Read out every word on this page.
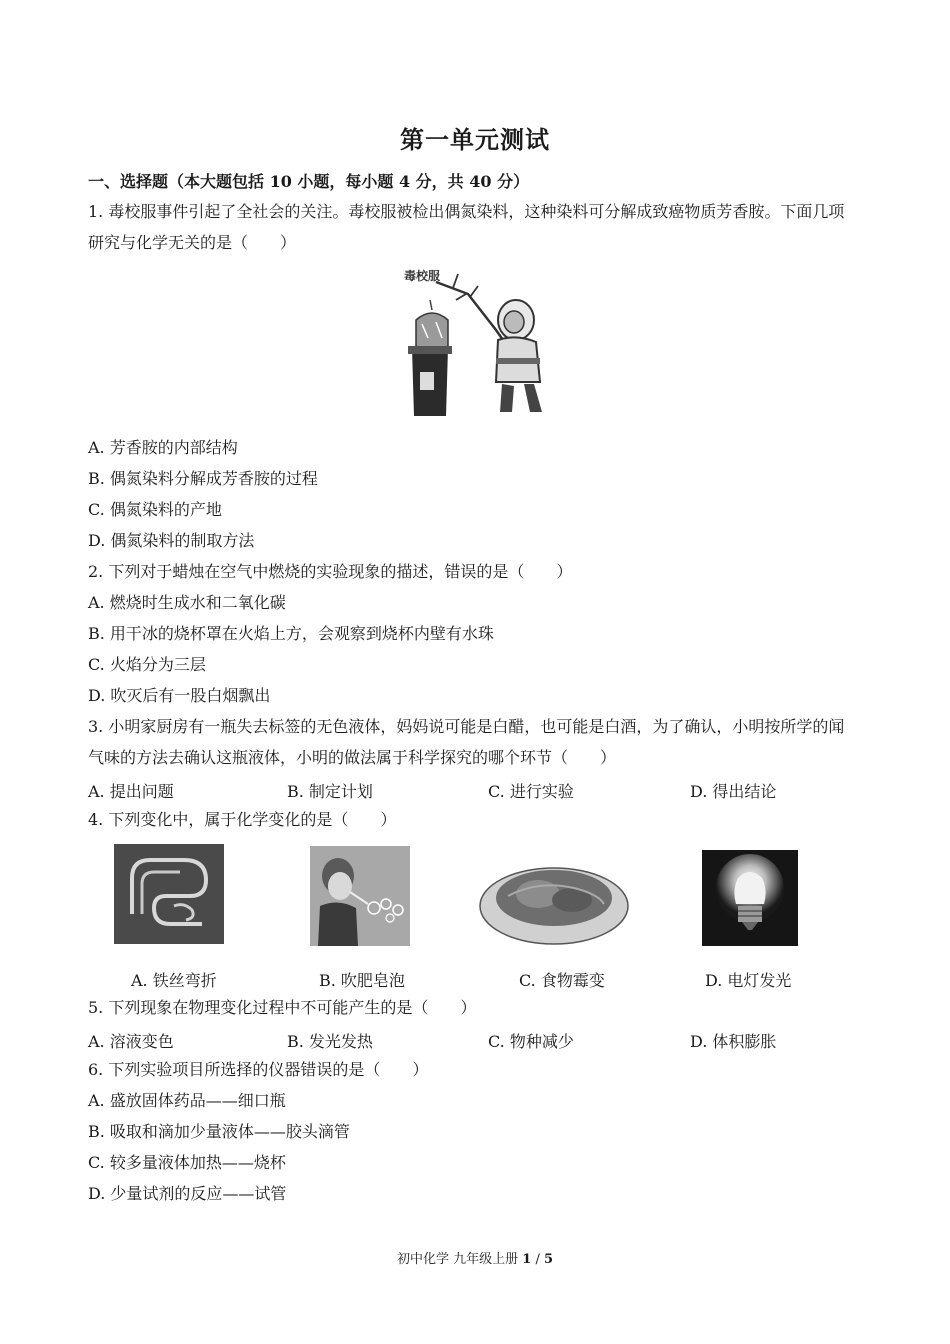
第一单元测试
一、选择题（本大题包括 10 小题，每小题 4 分，共 40 分）
1. 毒校服事件引起了全社会的关注。毒校服被检出偶氮染料，这种染料可分解成致癌物质芳香胺。下面几项
研究与化学无关的是（　　）
毒校服
A. 芳香胺的内部结构
B. 偶氮染料分解成芳香胺的过程
C. 偶氮染料的产地
D. 偶氮染料的制取方法
2. 下列对于蜡烛在空气中燃烧的实验现象的描述，错误的是（　　）
A. 燃烧时生成水和二氧化碳
B. 用干冰的烧杯罩在火焰上方，会观察到烧杯内壁有水珠
C. 火焰分为三层
D. 吹灭后有一股白烟飘出
3. 小明家厨房有一瓶失去标签的无色液体，妈妈说可能是白醋，也可能是白酒，为了确认，小明按所学的闻
气味的方法去确认这瓶液体，小明的做法属于科学探究的哪个环节（　　）
A. 提出问题	B. 制定计划	C. 进行实验	D. 得出结论
4. 下列变化中，属于化学变化的是（　　）
A. 铁丝弯折	B. 吹肥皂泡	C. 食物霉变	D. 电灯发光
5. 下列现象在物理变化过程中不可能产生的是（　　）
A. 溶液变色	B. 发光发热	C. 物种减少	D. 体积膨胀
6. 下列实验项目所选择的仪器错误的是（　　）
A. 盛放固体药品——细口瓶
B. 吸取和滴加少量液体——胶头滴管
C. 较多量液体加热——烧杯
D. 少量试剂的反应——试管
初中化学 九年级上册 1 / 5
